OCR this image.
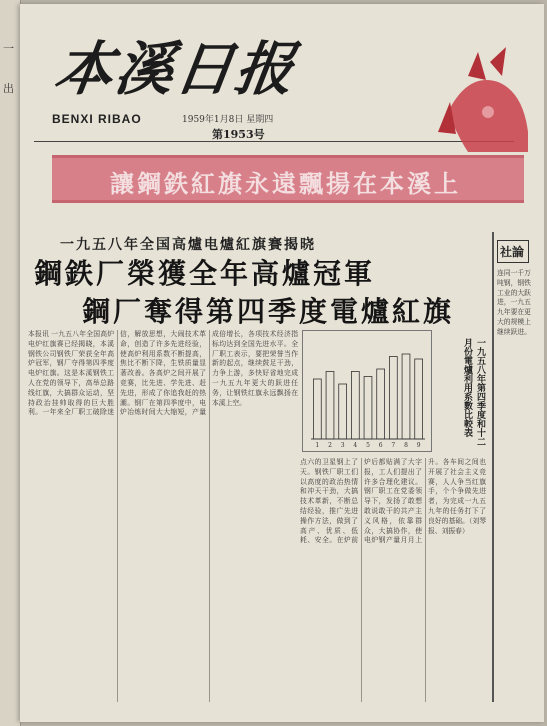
一
出 本溪日报
BENXI RIBAO	1959年1月8日 星期四
第1953号
讓鋼鉄紅旗永遠飄揚在本溪上
一九五八年全国高爐电爐紅旗賽揭晓
鋼鉄厂榮獲全年高爐冠軍
鋼厂奪得第四季度電爐紅旗
社論
连同一千万吨钢，钢铁工业的大跃进，一九五九年要在更大的规模上继续跃进。
本报讯 一九五八年全国高炉电炉红旗赛已经揭晓，本溪钢铁公司钢铁厂荣获全年高炉冠军，钢厂夺得第四季度电炉红旗。这是本溪钢铁工人在党的领导下，高举总路线红旗，大搞群众运动，坚持政治挂帅取得的巨大胜利。一年来全厂职工破除迷信，解放思想，大闹技术革命，创造了许多先进经验，使高炉利用系数不断提高，焦比不断下降，生铁质量显著改善。各高炉之间开展了竞赛，比先进、学先进、赶先进，形成了你追我赶的热潮。钢厂在第四季度中，电炉冶炼时间大大缩短，产量成倍增长，各项技术经济指标均达到全国先进水平。全厂职工表示，要把荣誉当作新的起点，继续鼓足干劲，力争上游，多快好省地完成一九五九年更大的跃进任务，让钢铁红旗永远飘扬在本溪上空。
1 2 3 4 5 6 7 8 9	一九五八年第四季度和十二月份電爐利用系數比較表
点六的卫星钢上了天。钢铁厂职工们以高度的政治热情和冲天干劲，大搞技术革新，不断总结经验，推广先进操作方法，做到了高产、优质、低耗、安全。在炉前炉后都贴满了大字报，工人们提出了许多合理化建议。钢厂职工在党委领导下，发扬了敢想敢说敢干的共产主义风格，依靠群众，大搞协作，使电炉钢产量月月上升。各车间之间也开展了社会主义竞赛，人人争当红旗手，个个争做先进者，为完成一九五九年的任务打下了良好的基础。（刘琴报、刘振春）
